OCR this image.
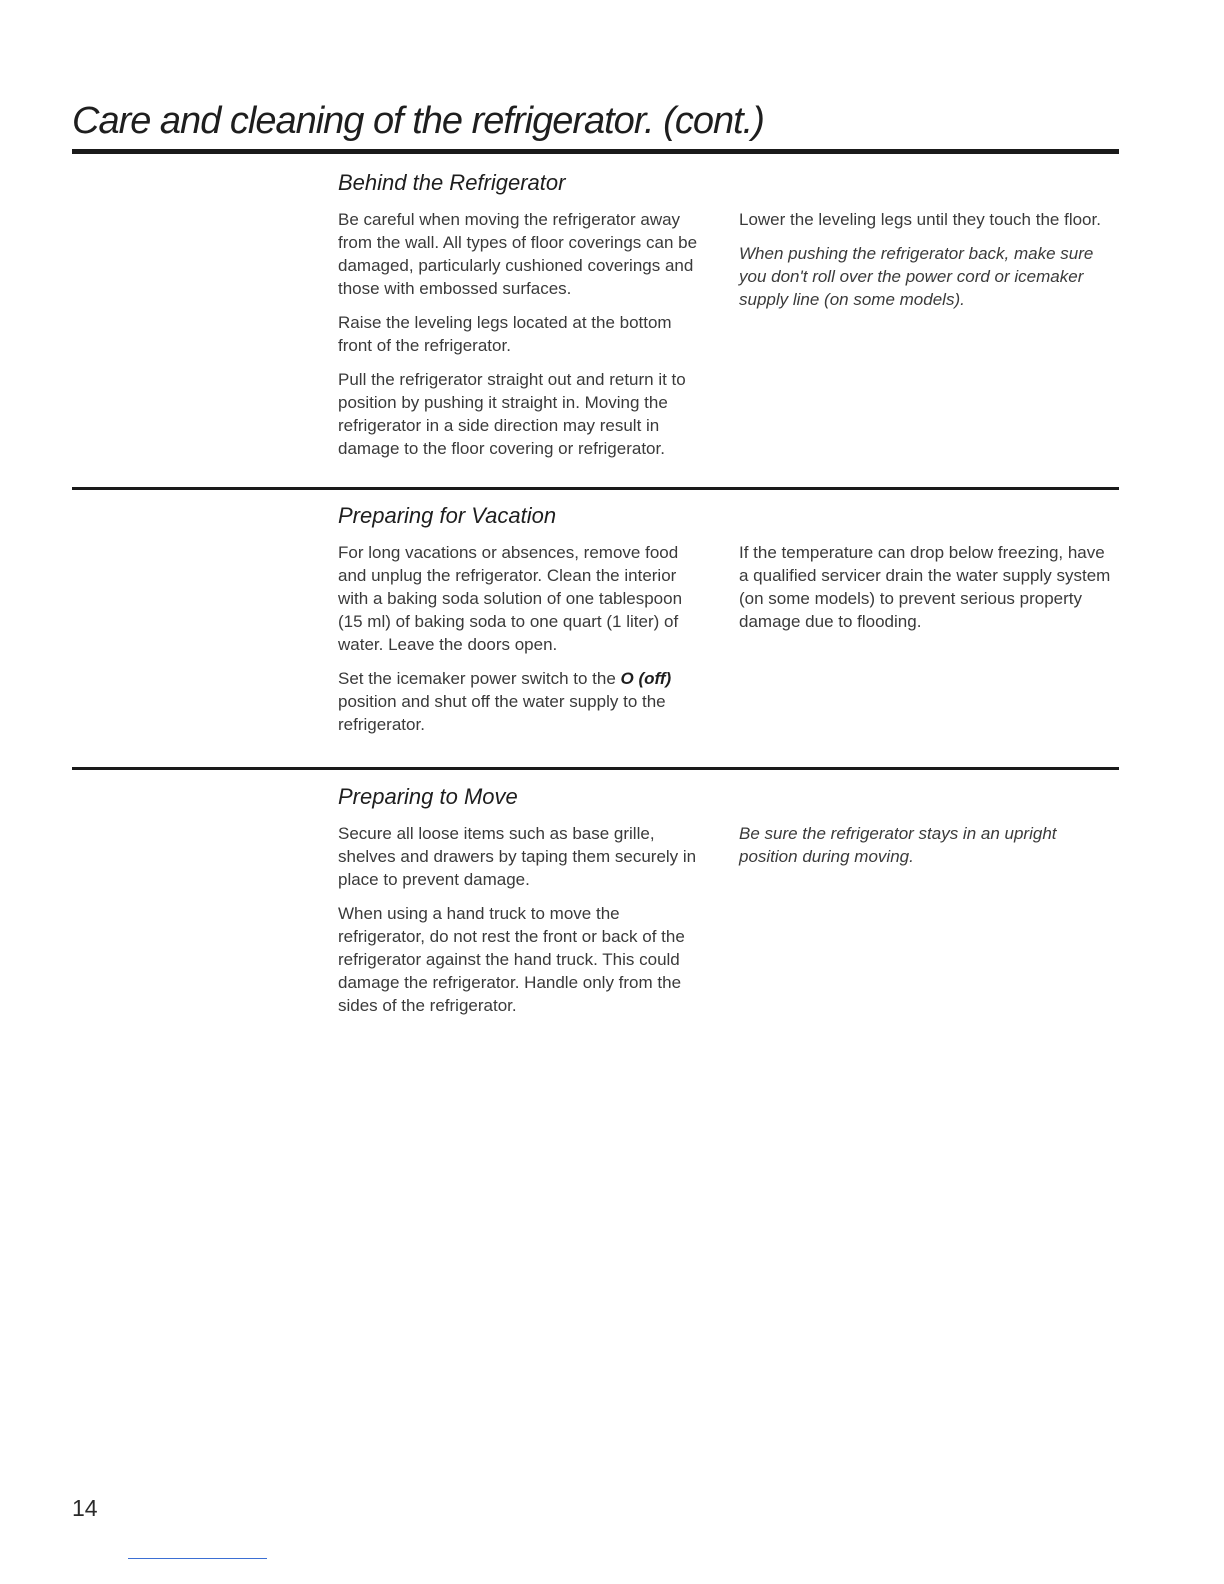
Care and cleaning of the refrigerator. (cont.)
Behind the Refrigerator

Be careful when moving the refrigerator away from the wall. All types of floor coverings can be damaged, particularly cushioned coverings and those with embossed surfaces.

Raise the leveling legs located at the bottom front of the refrigerator.

Pull the refrigerator straight out and return it to position by pushing it straight in. Moving the refrigerator in a side direction may result in damage to the floor covering or refrigerator.

Lower the leveling legs until they touch the floor.

When pushing the refrigerator back, make sure you don't roll over the power cord or icemaker supply line (on some models).

Preparing for Vacation

For long vacations or absences, remove food and unplug the refrigerator. Clean the interior with a baking soda solution of one tablespoon (15 ml) of baking soda to one quart (1 liter) of water. Leave the doors open.

Set the icemaker power switch to the O (off) position and shut off the water supply to the refrigerator.

If the temperature can drop below freezing, have a qualified servicer drain the water supply system (on some models) to prevent serious property damage due to flooding.

Preparing to Move

Secure all loose items such as base grille, shelves and drawers by taping them securely in place to prevent damage.

When using a hand truck to move the refrigerator, do not rest the front or back of the refrigerator against the hand truck. This could damage the refrigerator. Handle only from the sides of the refrigerator.

Be sure the refrigerator stays in an upright position during moving.

14
